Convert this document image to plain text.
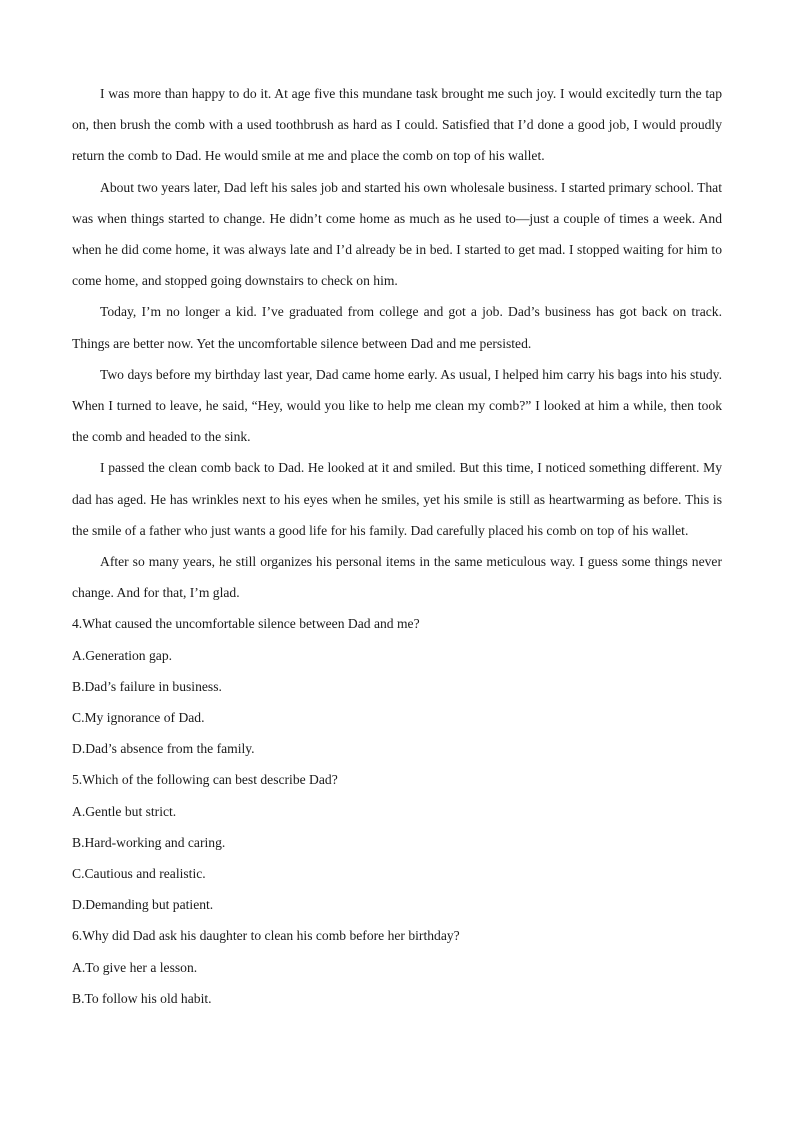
I was more than happy to do it. At age five this mundane task brought me such joy. I would excitedly turn the tap on, then brush the comb with a used toothbrush as hard as I could. Satisfied that I’d done a good job, I would proudly return the comb to Dad. He would smile at me and place the comb on top of his wallet.

About two years later, Dad left his sales job and started his own wholesale business. I started primary school. That was when things started to change. He didn’t come home as much as he used to—just a couple of times a week. And when he did come home, it was always late and I’d already be in bed. I started to get mad. I stopped waiting for him to come home, and stopped going downstairs to check on him.

Today, I’m no longer a kid. I’ve graduated from college and got a job. Dad’s business has got back on track. Things are better now. Yet the uncomfortable silence between Dad and me persisted.

Two days before my birthday last year, Dad came home early. As usual, I helped him carry his bags into his study. When I turned to leave, he said, “Hey, would you like to help me clean my comb?” I looked at him a while, then took the comb and headed to the sink.

I passed the clean comb back to Dad. He looked at it and smiled. But this time, I noticed something different. My dad has aged. He has wrinkles next to his eyes when he smiles, yet his smile is still as heartwarming as before. This is the smile of a father who just wants a good life for his family. Dad carefully placed his comb on top of his wallet.

After so many years, he still organizes his personal items in the same meticulous way. I guess some things never change. And for that, I’m glad.

4.What caused the uncomfortable silence between Dad and me?

A.Generation gap.

B.Dad’s failure in business.

C.My ignorance of Dad.

D.Dad’s absence from the family.

5.Which of the following can best describe Dad?

A.Gentle but strict.

B.Hard-working and caring.

C.Cautious and realistic.

D.Demanding but patient.

6.Why did Dad ask his daughter to clean his comb before her birthday?

A.To give her a lesson.

B.To follow his old habit.
